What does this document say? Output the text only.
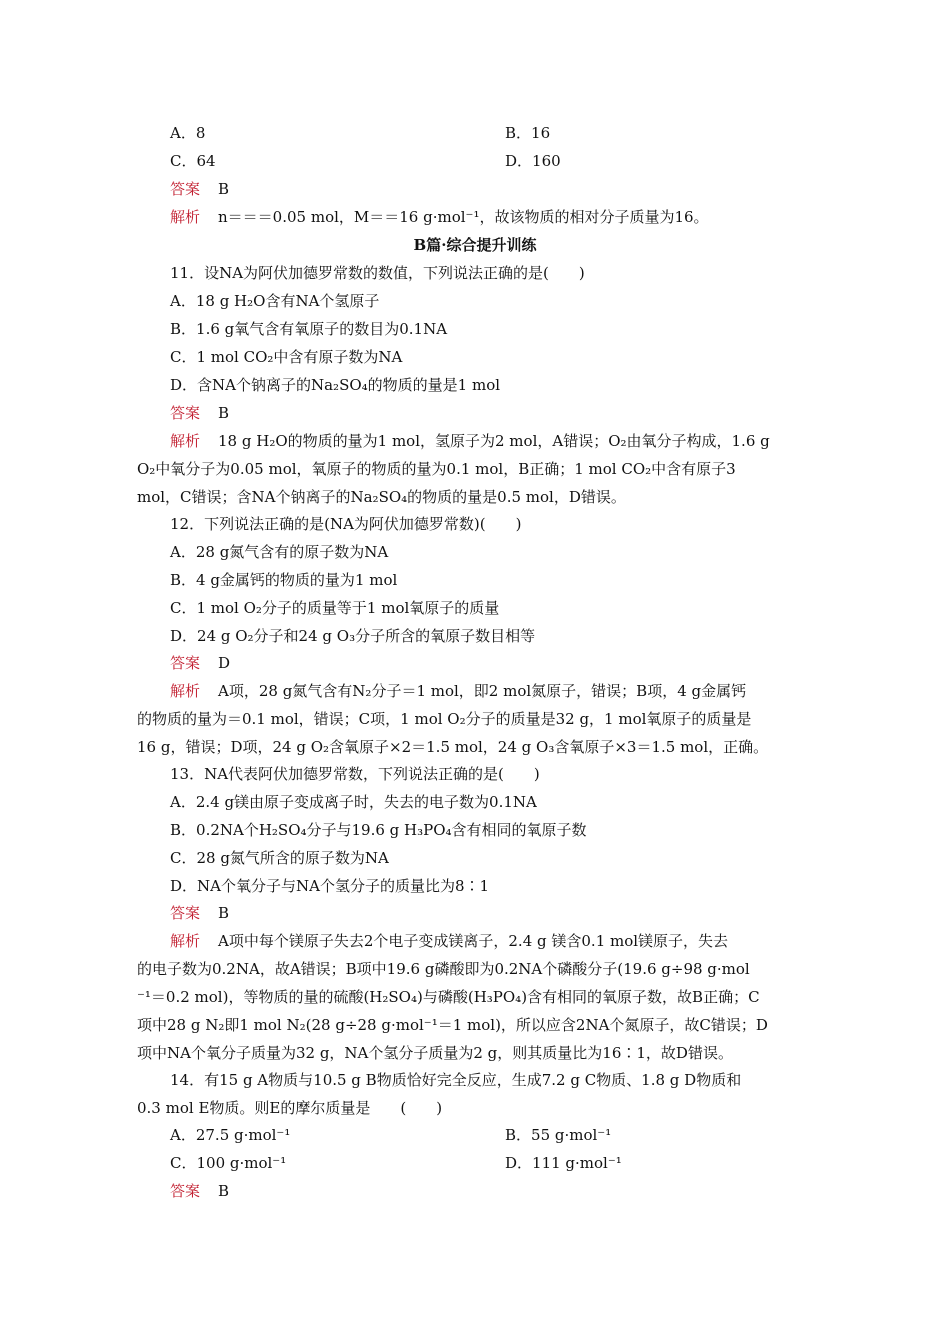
A．8	B．16
C．64	D．160
答案 B
解析 n＝＝＝0.05 mol，M＝＝16 g·mol⁻¹，故该物质的相对分子质量为16。
B篇·综合提升训练
11．设NA为阿伏加德罗常数的数值，下列说法正确的是(　　)
A．18 g H₂O含有NA个氢原子
B．1.6 g氧气含有氧原子的数目为0.1NA
C．1 mol CO₂中含有原子数为NA
D．含NA个钠离子的Na₂SO₄的物质的量是1 mol
答案 B
解析 18 g H₂O的物质的量为1 mol，氢原子为2 mol，A错误；O₂由氧分子构成，1.6 g
O₂中氧分子为0.05 mol，氧原子的物质的量为0.1 mol，B正确；1 mol CO₂中含有原子3
mol，C错误；含NA个钠离子的Na₂SO₄的物质的量是0.5 mol，D错误。
12．下列说法正确的是(NA为阿伏加德罗常数)(　　)
A．28 g氮气含有的原子数为NA
B．4 g金属钙的物质的量为1 mol
C．1 mol O₂分子的质量等于1 mol氧原子的质量
D．24 g O₂分子和24 g O₃分子所含的氧原子数目相等
答案 D
解析 A项，28 g氮气含有N₂分子＝1 mol，即2 mol氮原子，错误；B项，4 g金属钙
的物质的量为＝0.1 mol，错误；C项，1 mol O₂分子的质量是32 g，1 mol氧原子的质量是
16 g，错误；D项，24 g O₂含氧原子×2＝1.5 mol，24 g O₃含氧原子×3＝1.5 mol，正确。
13．NA代表阿伏加德罗常数，下列说法正确的是(　　)
A．2.4 g镁由原子变成离子时，失去的电子数为0.1NA
B．0.2NA个H₂SO₄分子与19.6 g H₃PO₄含有相同的氧原子数
C．28 g氮气所含的原子数为NA
D．NA个氧分子与NA个氢分子的质量比为8∶1
答案 B
解析 A项中每个镁原子失去2个电子变成镁离子，2.4 g 镁含0.1 mol镁原子，失去
的电子数为0.2NA，故A错误；B项中19.6 g磷酸即为0.2NA个磷酸分子(19.6 g÷98 g·mol
⁻¹＝0.2 mol)，等物质的量的硫酸(H₂SO₄)与磷酸(H₃PO₄)含有相同的氧原子数，故B正确；C
项中28 g N₂即1 mol N₂(28 g÷28 g·mol⁻¹＝1 mol)，所以应含2NA个氮原子，故C错误；D
项中NA个氧分子质量为32 g，NA个氢分子质量为2 g，则其质量比为16∶1，故D错误。
14．有15 g A物质与10.5 g B物质恰好完全反应，生成7.2 g C物质、1.8 g D物质和
0.3 mol E物质。则E的摩尔质量是　　(　　)
A．27.5 g·mol⁻¹	B．55 g·mol⁻¹
C．100 g·mol⁻¹	D．111 g·mol⁻¹
答案 B
